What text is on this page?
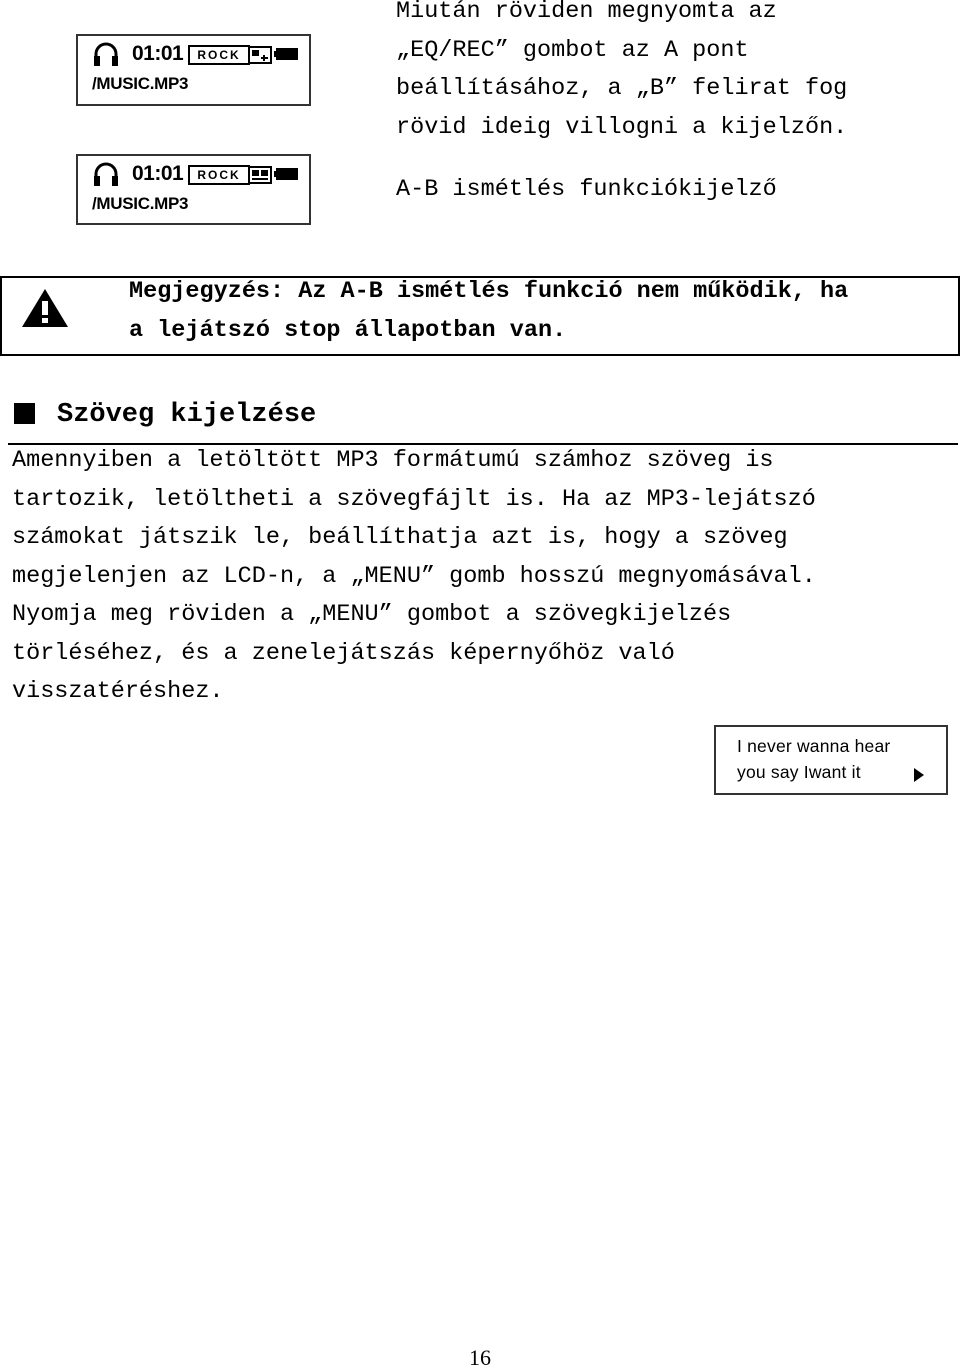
01:01	ROCK
/MUSIC.MP3
01:01	ROCK
/MUSIC.MP3
Miután röviden megnyomta az
„EQ/REC” gombot az A pont
beállításához, a „B” felirat fog
rövid ideig villogni a kijelzőn.
A-B ismétlés funkciókijelző
Megjegyzés: Az A-B ismétlés funkció nem működik, ha
a lejátszó stop állapotban van.
Szöveg kijelzése
Amennyiben a letöltött MP3 formátumú számhoz szöveg is
tartozik, letöltheti a szövegfájlt is. Ha az MP3-lejátszó
számokat játszik le, beállíthatja azt is, hogy a szöveg
megjelenjen az LCD-n, a „MENU” gomb hosszú megnyomásával.
Nyomja meg röviden a „MENU” gombot a szövegkijelzés
törléséhez, és a zenelejátszás képernyőhöz való
visszatéréshez.
I never wanna hear
you say Iwant it
16
